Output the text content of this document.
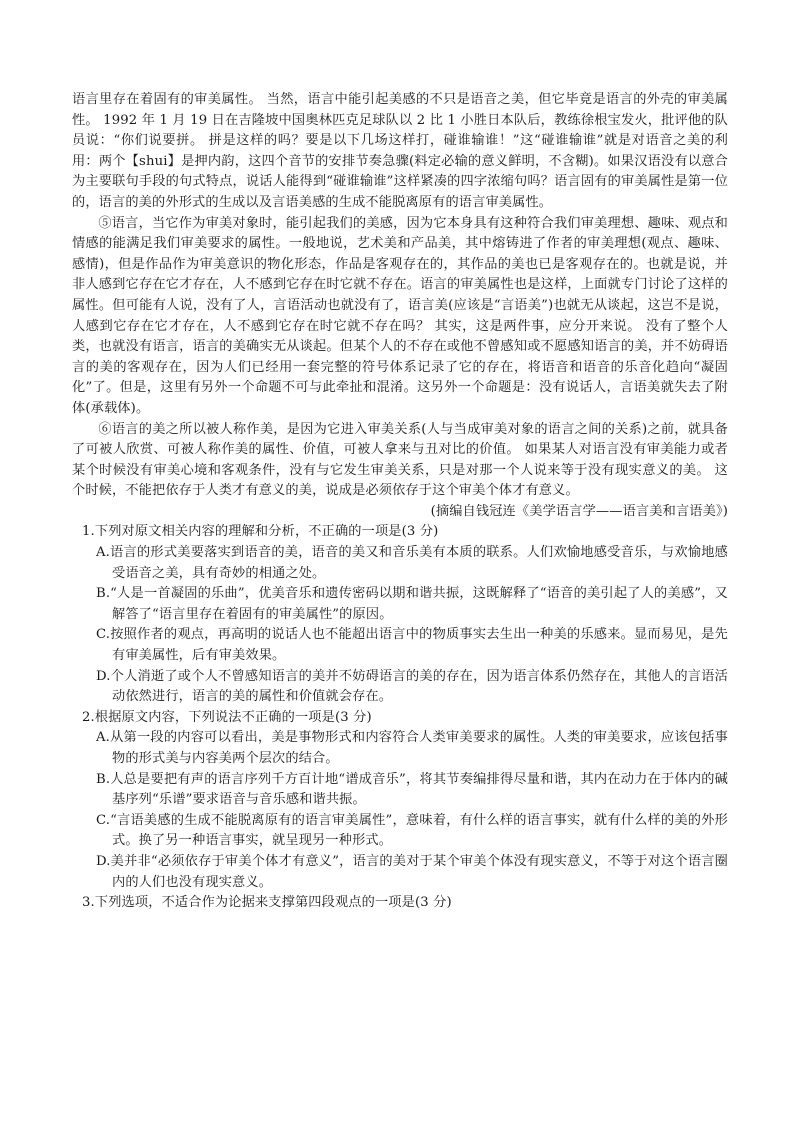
语言里存在着固有的审美属性。 当然，语言中能引起美感的不只是语音之美，但它毕竟是语言的外壳的审美属性。 1992 年 1 月 19 日在吉隆坡中国奥林匹克足球队以 2 比 1 小胜日本队后，教练徐根宝发火，批评他的队员说：“你们说要拼。 拼是这样的吗？要是以下几场这样打，碰谁输谁！”这“碰谁输谁”就是对语音之美的利用：两个【shui】是押内韵，这四个音节的安排节奏急骤(料定必输的意义鲜明，不含糊)。如果汉语没有以意合为主要联句手段的句式特点，说话人能得到“碰谁输谁”这样紧凑的四字浓缩句吗？语言固有的审美属性是第一位的，语言的美的外形式的生成以及言语美感的生成不能脱离原有的语言审美属性。

⑤语言，当它作为审美对象时，能引起我们的美感，因为它本身具有这种符合我们审美理想、趣味、观点和情感的能满足我们审美要求的属性。一般地说，艺术美和产品美，其中熔铸进了作者的审美理想(观点、趣味、感情)，但是作品作为审美意识的物化形态，作品是客观存在的，其作品的美也已是客观存在的。也就是说，并非人感到它存在它才存在，人不感到它存在时它就不存在。语言的审美属性也是这样，上面就专门讨论了这样的属性。但可能有人说，没有了人，言语活动也就没有了，语言美(应该是“言语美”)也就无从谈起，这岂不是说，人感到它存在它才存在，人不感到它存在时它就不存在吗？ 其实，这是两件事，应分开来说。 没有了整个人类，也就没有语言，语言的美确实无从谈起。但某个人的不存在或他不曾感知或不愿感知语言的美，并不妨碍语言的美的客观存在，因为人们已经用一套完整的符号体系记录了它的存在，将语音和语音的乐音化趋向“凝固化”了。但是，这里有另外一个命题不可与此牵扯和混淆。这另外一个命题是：没有说话人，言语美就失去了附体(承载体)。

⑥语言的美之所以被人称作美，是因为它进入审美关系(人与当成审美对象的语言之间的关系)之前，就具备了可被人欣赏、可被人称作美的属性、价值，可被人拿来与丑对比的价值。 如果某人对语言没有审美能力或者某个时候没有审美心境和客观条件，没有与它发生审美关系，只是对那一个人说来等于没有现实意义的美。 这个时候，不能把依存于人类才有意义的美，说成是必须依存于这个审美个体才有意义。

(摘编自钱冠连《美学语言学——语言美和言语美》)

1.下列对原文相关内容的理解和分析，不正确的一项是(3 分)

A.语言的形式美要落实到语音的美，语音的美又和音乐美有本质的联系。人们欢愉地感受音乐，与欢愉地感受语音之美，具有奇妙的相通之处。

B.“人是一首凝固的乐曲”，优美音乐和遗传密码以期和谐共振，这既解释了“语音的美引起了人的美感”，又解答了“语言里存在着固有的审美属性”的原因。

C.按照作者的观点，再高明的说话人也不能超出语言中的物质事实去生出一种美的乐感来。显而易见，是先有审美属性，后有审美效果。

D.个人消逝了或个人不曾感知语言的美并不妨碍语言的美的存在，因为语言体系仍然存在，其他人的言语活动依然进行，语言的美的属性和价值就会存在。

2.根据原文内容，下列说法不正确的一项是(3 分)

A.从第一段的内容可以看出，美是事物形式和内容符合人类审美要求的属性。人类的审美要求，应该包括事物的形式美与内容美两个层次的结合。

B.人总是要把有声的语言序列千方百计地“谱成音乐”，将其节奏编排得尽量和谐，其内在动力在于体内的碱基序列“乐谱”要求语音与音乐感和谐共振。

C.“言语美感的生成不能脱离原有的语言审美属性”，意味着，有什么样的语言事实，就有什么样的美的外形式。换了另一种语言事实，就呈现另一种形式。

D.美并非“必须依存于审美个体才有意义”，语言的美对于某个审美个体没有现实意义，不等于对这个语言圈内的人们也没有现实意义。

3.下列选项，不适合作为论据来支撑第四段观点的一项是(3 分)
